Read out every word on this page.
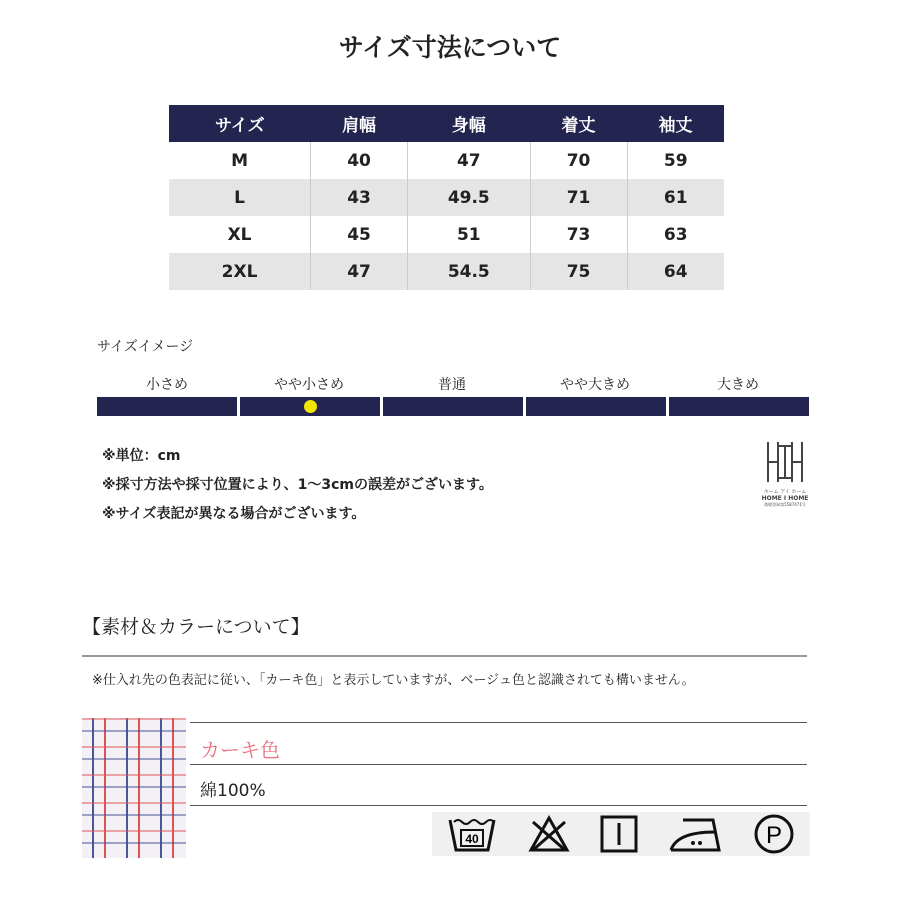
サイズ寸法について
サイズ	肩幅	身幅	着丈	袖丈
M	40	47	70	59
L	43	49.5	71	61
XL	45	51	73	63
2XL	47	54.5	75	64
サイズイメージ
小さめ	やや小さめ	普通	やや大きめ	大きめ
※単位：cm
※採寸方法や採寸位置により、1〜3cmの誤差がございます。
※サイズ表記が異なる場合がございます。
ホーム アイ ホーム
HOME I HOME
商標登録第5587471号
【素材＆カラーについて】
※仕入れ先の色表記に従い、「カーキ色」と表示していますが、ベージュ色と認識されても構いません。
カーキ色
綿100%
40	P
